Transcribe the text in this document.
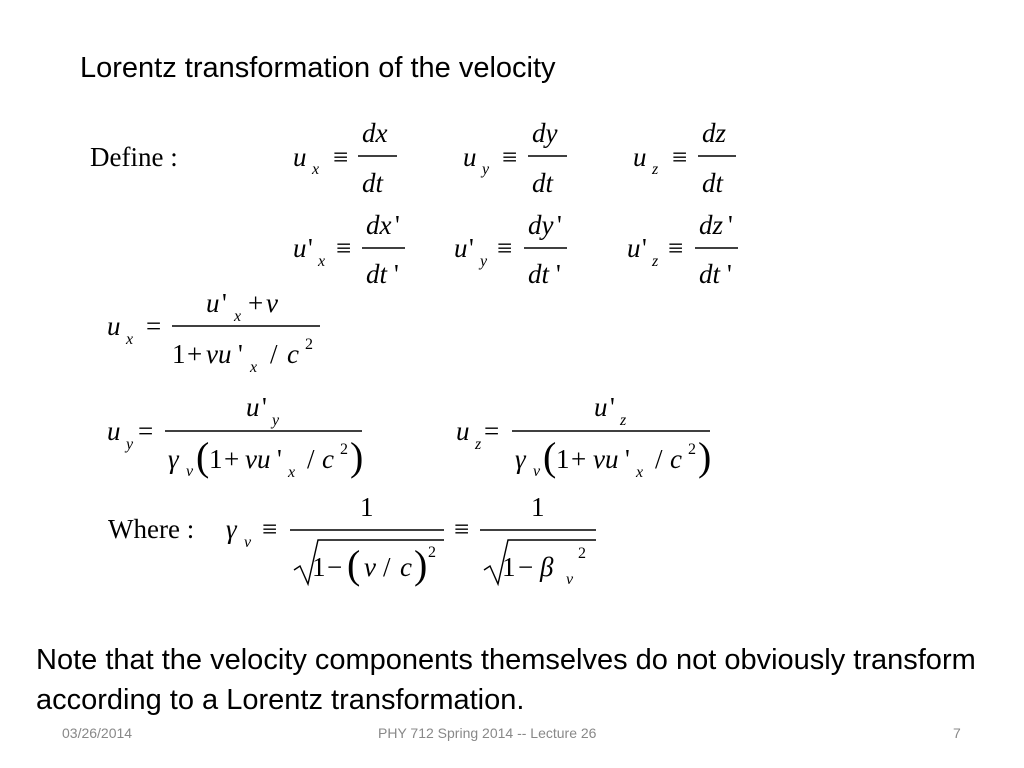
Lorentz transformation of the velocity
Define :	u x ≡
dx
dt
u y ≡
dy
dt
u z ≡
dz
dt
u ' x ≡
dx '
dt '
u ' y ≡
dy '
dt '
u ' z ≡
dz '
dt '
u x =
u ' x + v
1 + vu ' x / c 2
u y =
u ' y
γ v ( 1 + vu ' x / c 2 )
u z =
u ' z
γ v ( 1 + vu ' x / c 2 )
Where : γ v ≡
1
1 − ( v / c ) 2
≡
1
1 − β v
2
Note that the velocity components themselves do not obviously transform according to a Lorentz transformation.
03/26/2014	PHY 712 Spring 2014 -- Lecture 26	7
